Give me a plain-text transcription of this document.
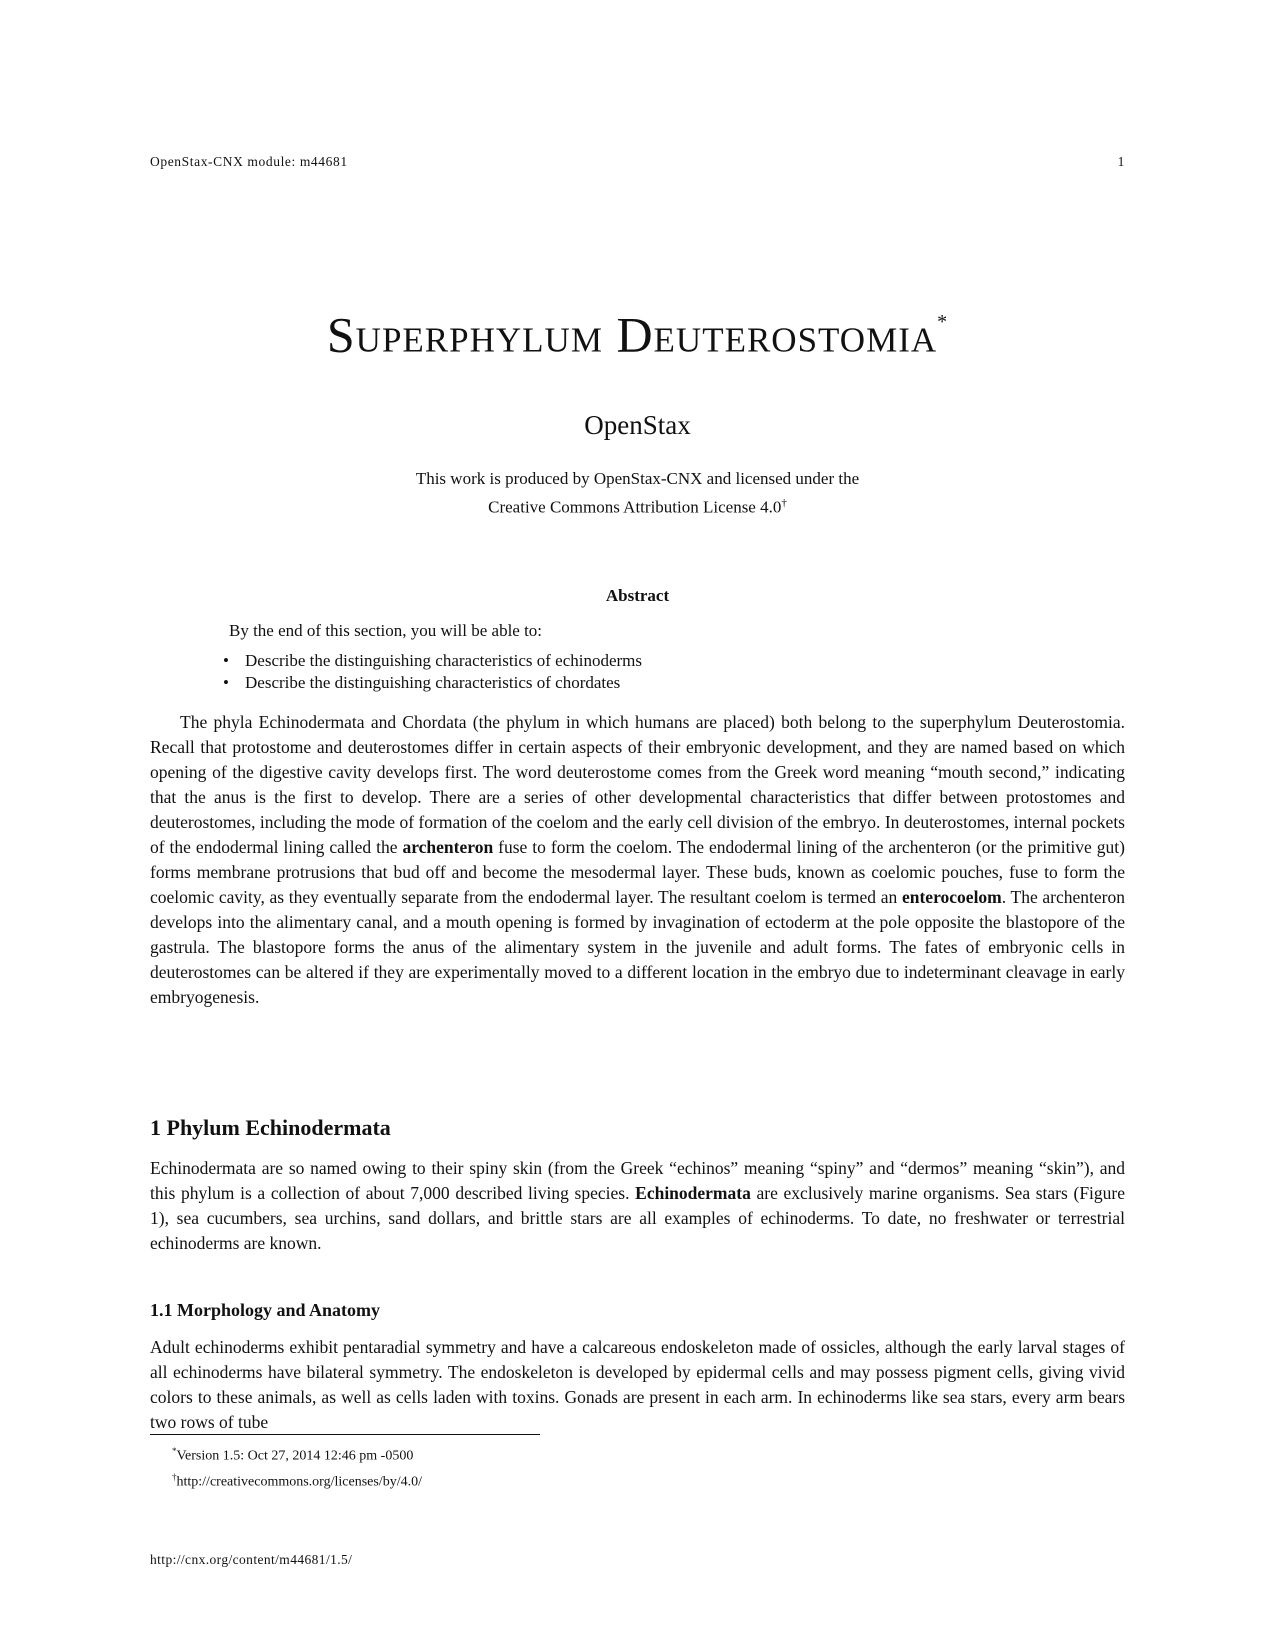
OpenStax-CNX module: m44681	1
Superphylum Deuterostomia*
OpenStax
This work is produced by OpenStax-CNX and licensed under the
Creative Commons Attribution License 4.0†
Abstract
By the end of this section, you will be able to:
• Describe the distinguishing characteristics of echinoderms
• Describe the distinguishing characteristics of chordates
The phyla Echinodermata and Chordata (the phylum in which humans are placed) both belong to the superphylum Deuterostomia. Recall that protostome and deuterostomes differ in certain aspects of their embryonic development, and they are named based on which opening of the digestive cavity develops first. The word deuterostome comes from the Greek word meaning “mouth second,” indicating that the anus is the first to develop. There are a series of other developmental characteristics that differ between protostomes and deuterostomes, including the mode of formation of the coelom and the early cell division of the embryo. In deuterostomes, internal pockets of the endodermal lining called the archenteron fuse to form the coelom. The endodermal lining of the archenteron (or the primitive gut) forms membrane protrusions that bud off and become the mesodermal layer. These buds, known as coelomic pouches, fuse to form the coelomic cavity, as they eventually separate from the endodermal layer. The resultant coelom is termed an enterocoelom. The archenteron develops into the alimentary canal, and a mouth opening is formed by invagination of ectoderm at the pole opposite the blastopore of the gastrula. The blastopore forms the anus of the alimentary system in the juvenile and adult forms. The fates of embryonic cells in deuterostomes can be altered if they are experimentally moved to a different location in the embryo due to indeterminant cleavage in early embryogenesis.
1 Phylum Echinodermata
Echinodermata are so named owing to their spiny skin (from the Greek “echinos” meaning “spiny” and “dermos” meaning “skin”), and this phylum is a collection of about 7,000 described living species. Echinodermata are exclusively marine organisms. Sea stars (Figure 1), sea cucumbers, sea urchins, sand dollars, and brittle stars are all examples of echinoderms. To date, no freshwater or terrestrial echinoderms are known.
1.1 Morphology and Anatomy
Adult echinoderms exhibit pentaradial symmetry and have a calcareous endoskeleton made of ossicles, although the early larval stages of all echinoderms have bilateral symmetry. The endoskeleton is developed by epidermal cells and may possess pigment cells, giving vivid colors to these animals, as well as cells laden with toxins. Gonads are present in each arm. In echinoderms like sea stars, every arm bears two rows of tube
*Version 1.5: Oct 27, 2014 12:46 pm -0500
†http://creativecommons.org/licenses/by/4.0/
http://cnx.org/content/m44681/1.5/
